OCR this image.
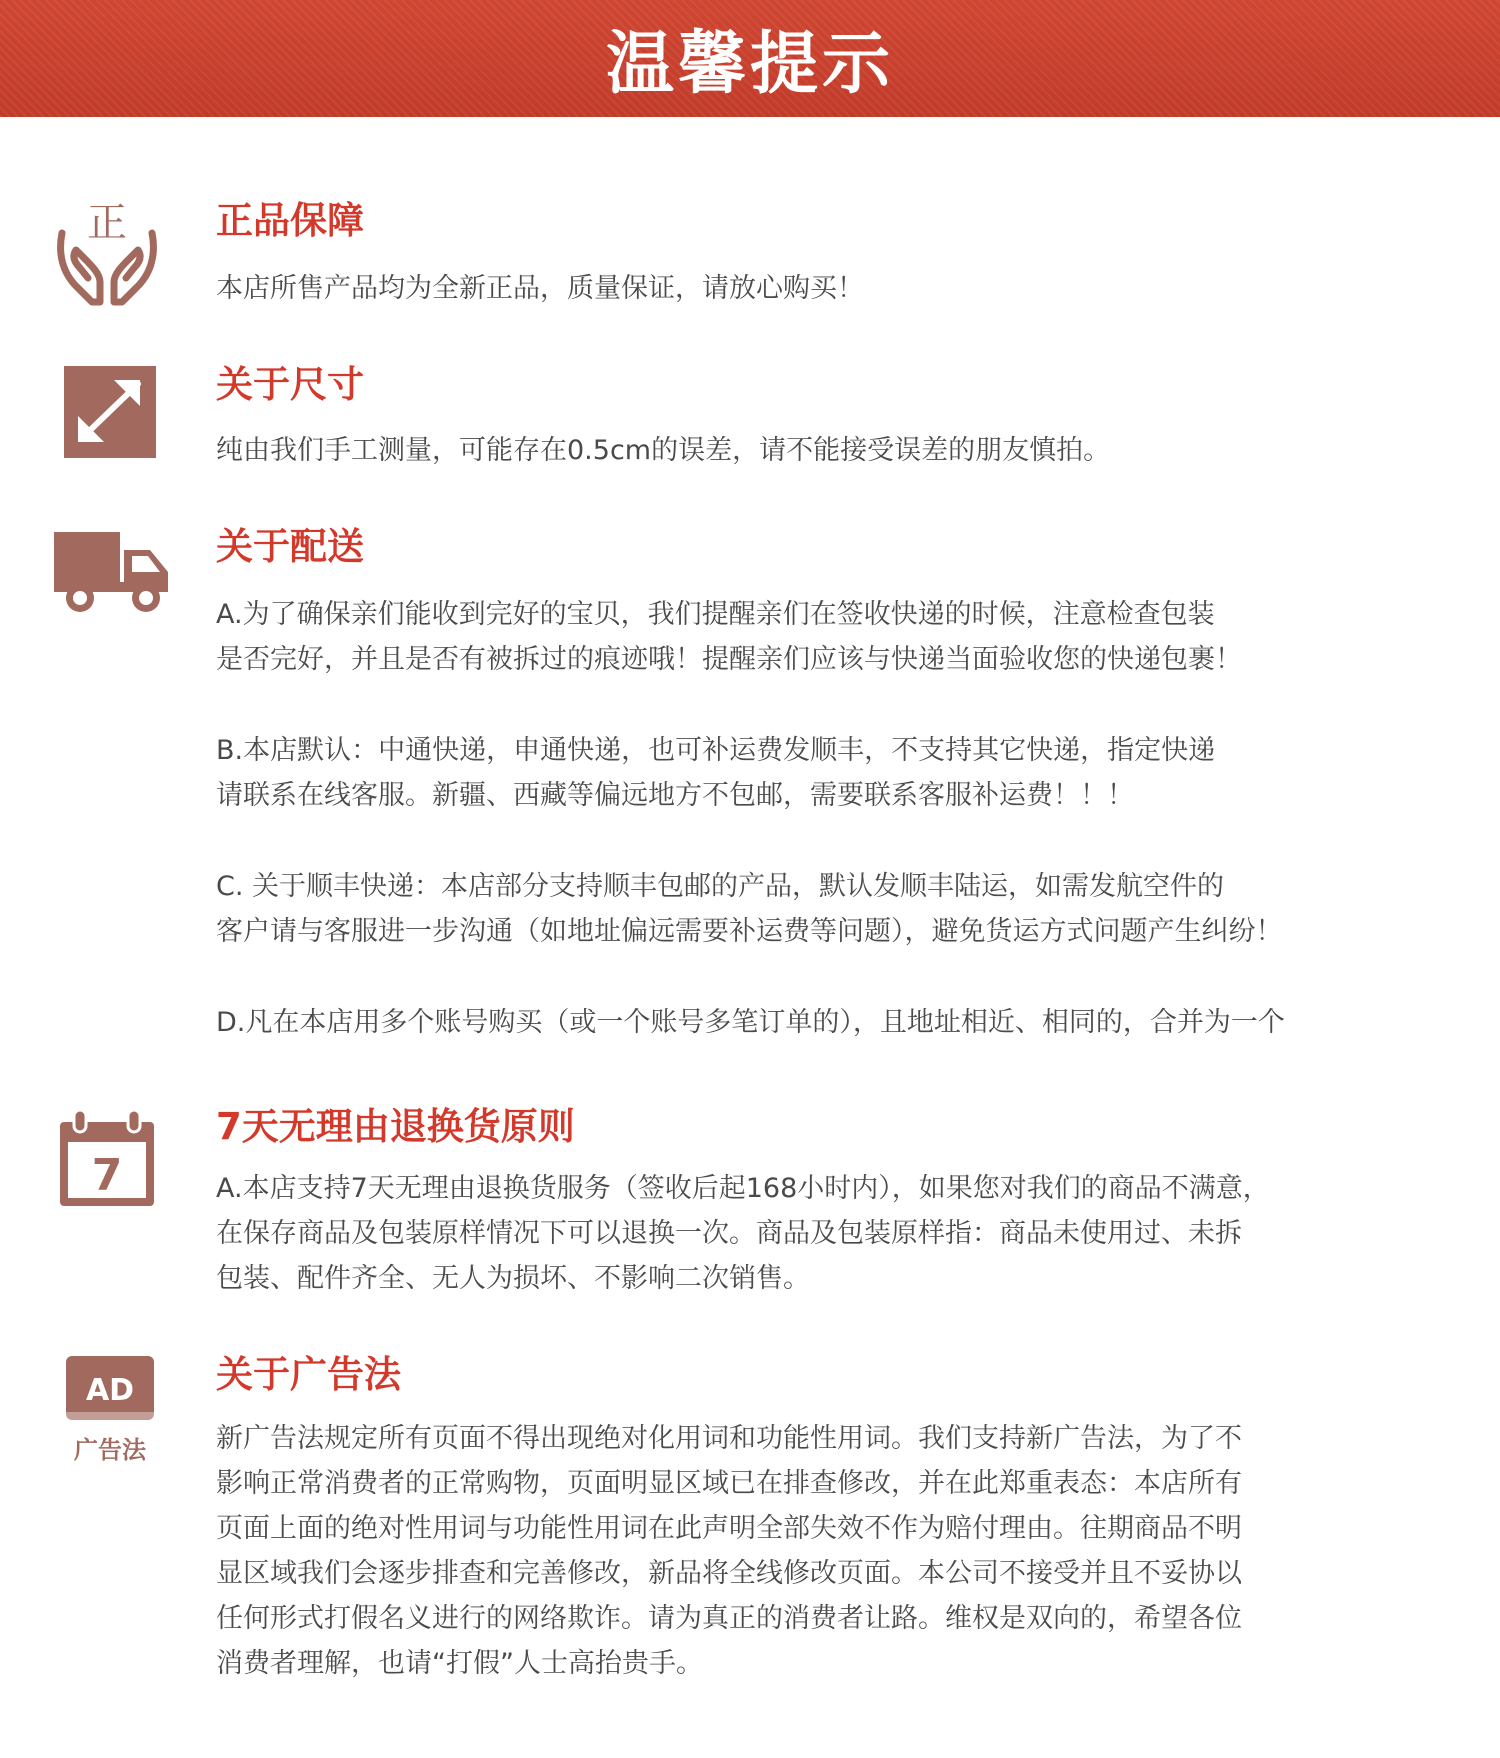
温馨提示
正 正品保障
本店所售产品均为全新正品，质量保证，请放心购买！
关于尺寸
纯由我们手工测量，可能存在0.5cm的误差，请不能接受误差的朋友慎拍。
关于配送
A.为了确保亲们能收到完好的宝贝，我们提醒亲们在签收快递的时候，注意检查包装
是否完好，并且是否有被拆过的痕迹哦！提醒亲们应该与快递当面验收您的快递包裹！
B.本店默认：中通快递，申通快递，也可补运费发顺丰，不支持其它快递，指定快递
请联系在线客服。新疆、西藏等偏远地方不包邮，需要联系客服补运费！！！
C. 关于顺丰快递：本店部分支持顺丰包邮的产品，默认发顺丰陆运，如需发航空件的
客户请与客服进一步沟通（如地址偏远需要补运费等问题），避免货运方式问题产生纠纷！
D.凡在本店用多个账号购买（或一个账号多笔订单的），且地址相近、相同的，合并为一个
7
7天无理由退换货原则
A.本店支持7天无理由退换货服务（签收后起168小时内），如果您对我们的商品不满意，
在保存商品及包装原样情况下可以退换一次。商品及包装原样指：商品未使用过、未拆
包装、配件齐全、无人为损坏、不影响二次销售。
AD
广告法
关于广告法
新广告法规定所有页面不得出现绝对化用词和功能性用词。我们支持新广告法，为了不
影响正常消费者的正常购物，页面明显区域已在排查修改，并在此郑重表态：本店所有
页面上面的绝对性用词与功能性用词在此声明全部失效不作为赔付理由。往期商品不明
显区域我们会逐步排查和完善修改，新品将全线修改页面。本公司不接受并且不妥协以
任何形式打假名义进行的网络欺诈。请为真正的消费者让路。维权是双向的，希望各位
消费者理解，也请“打假”人士高抬贵手。
